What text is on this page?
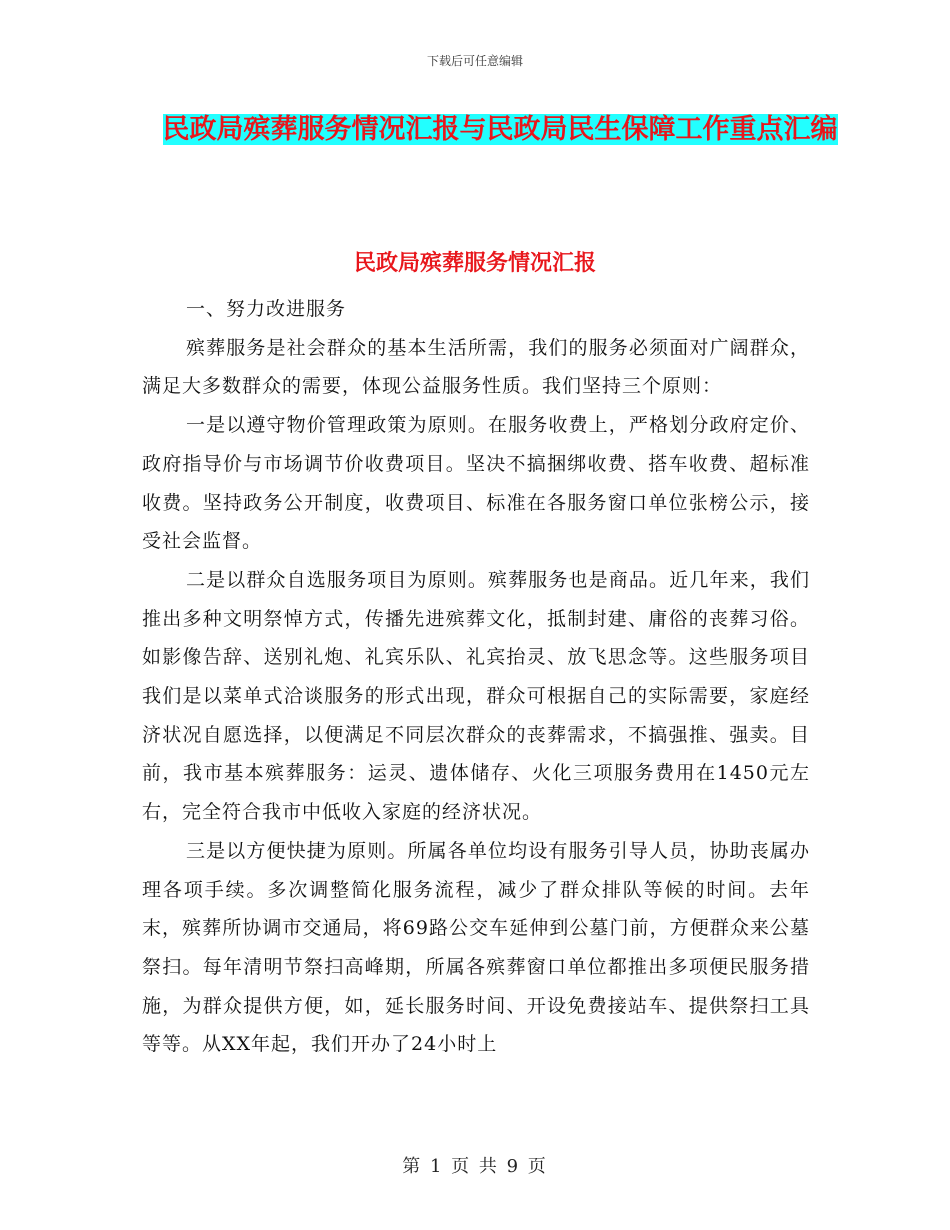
下载后可任意编辑
民政局殡葬服务情况汇报与民政局民生保障工作重点汇编
民政局殡葬服务情况汇报

一、努力改进服务

殡葬服务是社会群众的基本生活所需，我们的服务必须面对广阔群众，满足大多数群众的需要，体现公益服务性质。我们坚持三个原则：

一是以遵守物价管理政策为原则。在服务收费上，严格划分政府定价、政府指导价与市场调节价收费项目。坚决不搞捆绑收费、搭车收费、超标准收费。坚持政务公开制度，收费项目、标准在各服务窗口单位张榜公示，接受社会监督。

二是以群众自选服务项目为原则。殡葬服务也是商品。近几年来，我们推出多种文明祭悼方式，传播先进殡葬文化，抵制封建、庸俗的丧葬习俗。如影像告辞、送别礼炮、礼宾乐队、礼宾抬灵、放飞思念等。这些服务项目我们是以菜单式洽谈服务的形式出现，群众可根据自己的实际需要，家庭经济状况自愿选择，以便满足不同层次群众的丧葬需求，不搞强推、强卖。目前，我市基本殡葬服务：运灵、遗体储存、火化三项服务费用在1450元左右，完全符合我市中低收入家庭的经济状况。

三是以方便快捷为原则。所属各单位均设有服务引导人员，协助丧属办理各项手续。多次调整简化服务流程，减少了群众排队等候的时间。去年末，殡葬所协调市交通局，将69路公交车延伸到公墓门前，方便群众来公墓祭扫。每年清明节祭扫高峰期，所属各殡葬窗口单位都推出多项便民服务措施，为群众提供方便，如，延长服务时间、开设免费接站车、提供祭扫工具等等。从XX年起，我们开办了24小时上

第 1 页 共 9 页
